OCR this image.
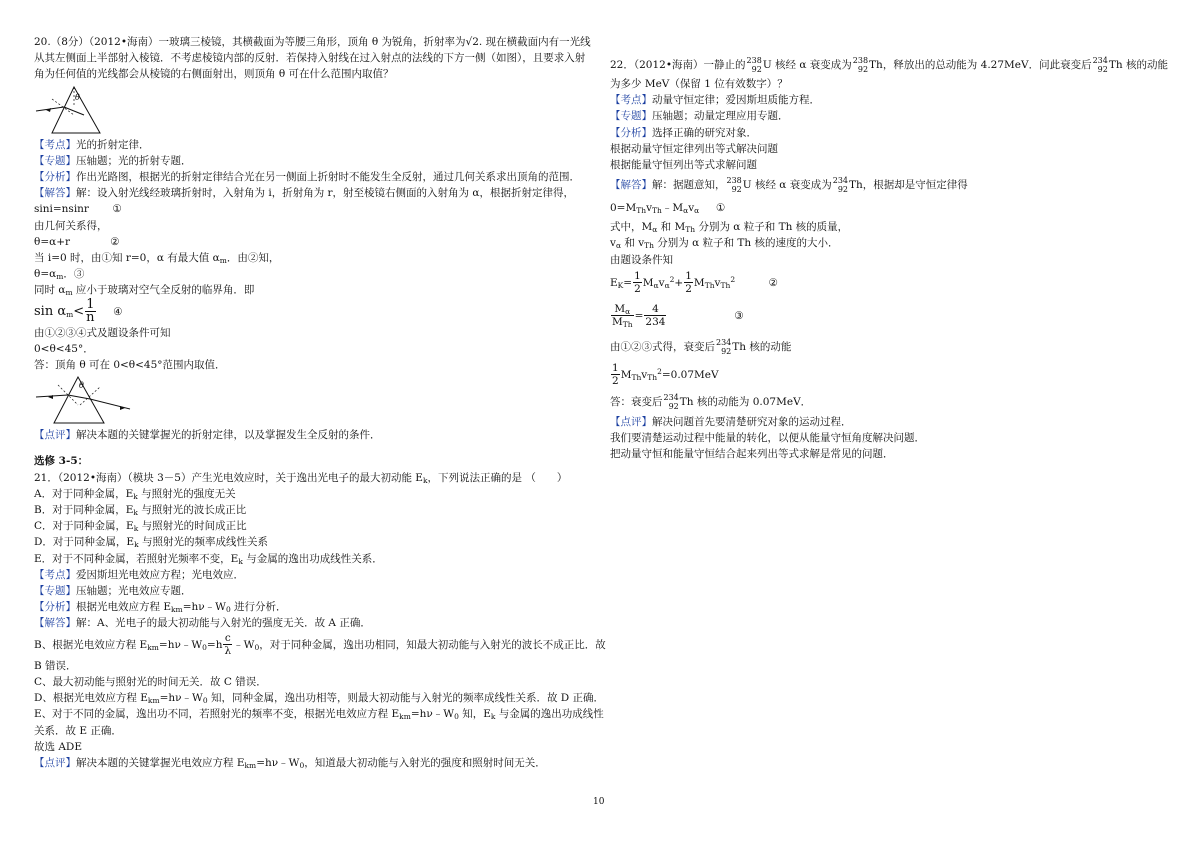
20.（8分）（2012•海南）一玻璃三棱镜，其横截面为等腰三角形，顶角 θ 为锐角，折射率为√2. 现在横截面内有一光线

从其左侧面上半部射入棱镜．不考虑棱镜内部的反射．若保持入射线在过入射点的法线的下方一侧（如图），且要求入射

角为任何值的光线都会从棱镜的右侧面射出，则顶角 θ 可在什么范围内取值？

θ

【考点】光的折射定律．

【专题】压轴题；光的折射专题．

【分析】作出光路图，根据光的折射定律结合光在另一侧面上折射时不能发生全反射，通过几何关系求出顶角的范围．

【解答】解：设入射光线经玻璃折射时，入射角为 i，折射角为 r，射至棱镜右侧面的入射角为 α，根据折射定律得，

sini=nsinr ①

由几何关系得，

θ=α+r	②

当 i=0 时，由①知 r=0，α 有最大值 $\alpha_m$．由②知，

$\theta=\alpha_m$．③

同时 $\alpha_m$ 应小于玻璃对空气全反射的临界角．即

$\sin \alpha_m< \frac{1}{n}$ ④

由①②③④式及题设条件可知

0<θ<45°．

答：顶角 θ 可在 0<θ<45°范围内取值．

θ

【点评】解决本题的关键掌握光的折射定律，以及掌握发生全反射的条件．

选修 3-5：

21．（2012•海南）（模块 3－5）产生光电效应时，关于逸出光电子的最大初动能 $E_k$，下列说法正确的是 （　　）

A．对于同种金属，$E_k$ 与照射光的强度无关

B．对于同种金属，$E_k$ 与照射光的波长成正比

C．对于同种金属，$E_k$ 与照射光的时间成正比

D．对于同种金属，$E_k$ 与照射光的频率成线性关系

E．对于不同种金属，若照射光频率不变，$E_k$ 与金属的逸出功成线性关系．

【考点】爱因斯坦光电效应方程；光电效应．

【专题】压轴题；光电效应专题．

【分析】根据光电效应方程 $E_{km}=h\nu﹣W_0$ 进行分析．

【解答】解：A、光电子的最大初动能与入射光的强度无关．故 A 正确．

B、根据光电效应方程 $E_{km}=h\nu﹣W_0=h \frac{c}{\lambda}$ $﹣W_0$，对于同种金属，逸出功相同，知最大初动能与入射光的波长不成正比．故

B 错误．

C、最大初动能与照射光的时间无关．故 C 错误．

D、根据光电效应方程 $E_{km}=h\nu﹣W_0$ 知，同种金属，逸出功相等，则最大初动能与入射光的频率成线性关系．故 D 正确．

E、对于不同的金属，逸出功不同，若照射光的频率不变，根据光电效应方程 $E_{km}=h\nu﹣W_0$ 知，$E_k$ 与金属的逸出功成线性

关系．故 E 正确．

故选 ADE

【点评】解决本题的关键掌握光电效应方程 $E_{km}=h\nu﹣W_0$，知道最大初动能与入射光的强度和照射时间无关．

22．（2012•海南）一静止的 238
92 U 核经 α 衰变成为 238
92 Th，释放出的总动能为 4.27MeV．问此衰变后 234
92 Th 核的动能

为多少 MeV（保留 1 位有效数字）？

【考点】动量守恒定律；爱因斯坦质能方程．

【专题】压轴题；动量定理应用专题．

【分析】选择正确的研究对象．

根据动量守恒定律列出等式解决问题

根据能量守恒列出等式求解问题

【解答】解：据题意知， 238
92 U 核经 α 衰变成为 234
92 Th，根据却是守恒定律得

$0=M_{Th}v_{Th}﹣M_\alpha v_\alpha$ ①

式中，$M_\alpha$ 和 $M_{Th}$ 分别为 α 粒子和 Th 核的质量，

$v_\alpha$ 和 $v_{Th}$ 分别为 α 粒子和 Th 核的速度的大小．

由题设条件知

$E_K= \frac{1}{2} M_\alpha v_\alpha^2+ \frac{1}{2} M_{Th}v_{Th}^2$	②

$\frac{M_\alpha}{M_{Th}} = \frac{4}{234}$	③

由①②③式得，衰变后 234
92 Th 核的动能

$\frac{1}{2} M_{Th}v_{Th}^2=0.07MeV$

答：衰变后 234
92 Th 核的动能为 0.07MeV．

【点评】解决问题首先要清楚研究对象的运动过程．

我们要清楚运动过程中能量的转化，以便从能量守恒角度解决问题．

把动量守恒和能量守恒结合起来列出等式求解是常见的问题．

10
